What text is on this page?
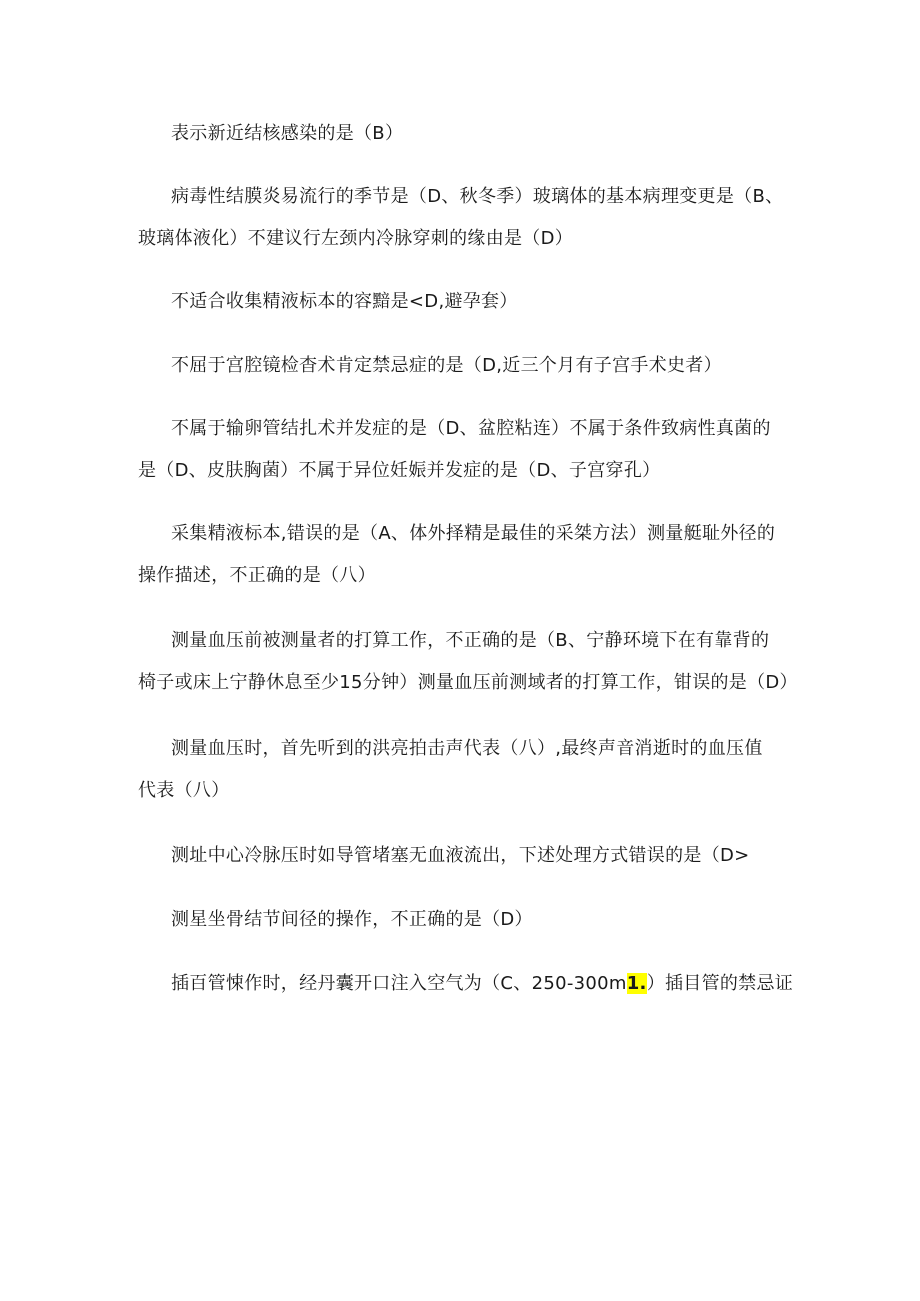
表示新近结核感染的是（B）

病毒性结膜炎易流行的季节是（D、秋冬季）玻璃体的基本病理变更是（B、
玻璃体液化）不建议行左颈内冷脉穿刺的缘由是（D）

不适合收集精液标本的容黯是<D,避孕套）

不屈于宫腔镜检杳术肯定禁忌症的是（D,近三个月有子宫手术史者）

不属于输卵管结扎术并发症的是（D、盆腔粘连）不属于条件致病性真菌的
是（D、皮肤胸菌）不属于异位妊娠并发症的是（D、子宫穿孔）

采集精液标本,错误的是（A、体外择精是最佳的采桀方法）测量艇耻外径的
操作描述，不正确的是（八）

测量血压前被测量者的打算工作，不正确的是（B、宁静环境下在有靠背的
椅子或床上宁静休息至少15分钟）测量血压前测域者的打算工作，钳误的是（D）

测量血压时，首先听到的洪亮拍击声代表（八）,最终声音消逝时的血压值
代表（八）

测址中心冷脉压时如导管堵塞无血液流出，下述处理方式错误的是（D>

测星坐骨结节间径的操作，不正确的是（D）

插百管悚作时，经丹囊开口注入空气为（C、250-300m1.）插目管的禁忌证
